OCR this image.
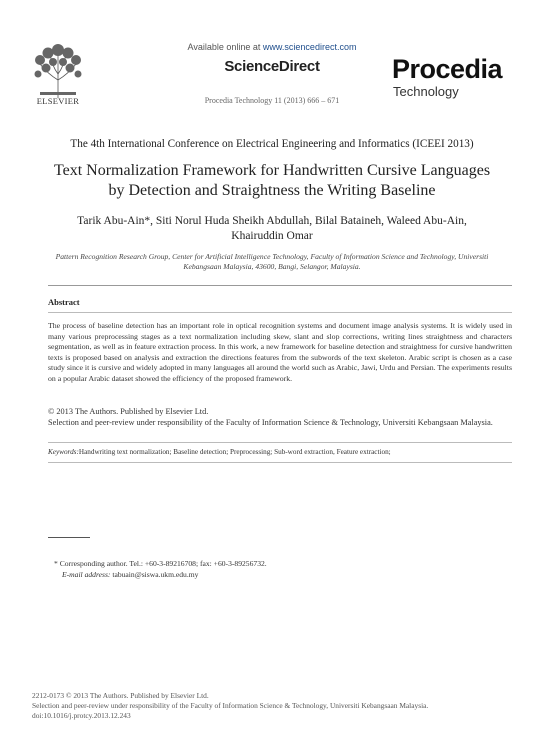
Available online at www.sciencedirect.com
ScienceDirect
Procedia Technology 11 (2013) 666 – 671
ELSEVIER
Procedia
Technology
The 4th International Conference on Electrical Engineering and Informatics (ICEEI 2013)
Text Normalization Framework for Handwritten Cursive Languages
by Detection and Straightness the Writing Baseline
Tarik Abu-Ain*, Siti Norul Huda Sheikh Abdullah, Bilal Bataineh, Waleed Abu-Ain,
Khairuddin Omar
Pattern Recognition Research Group, Center for Artificial Intelligence Technology, Faculty of Information Science and Technology, Universiti
Kebangsaan Malaysia, 43600, Bangi, Selangor, Malaysia.
Abstract
The process of baseline detection has an important role in optical recognition systems and document image analysis systems. It is widely used in many various preprocessing stages as a text normalization including skew, slant and slop corrections, writing lines straightness and characters segmentation, as well as in feature extraction process. In this work, a new framework for baseline detection and straightness for cursive handwritten texts is proposed based on analysis and extraction the directions features from the subwords of the text skeleton. Arabic script is chosen as a case study since it is cursive and widely adopted in many languages all around the world such as Arabic, Jawi, Urdu and Persian. The experiments results on a popular Arabic dataset showed the efficiency of the proposed framework.
© 2013 The Authors. Published by Elsevier Ltd.
Selection and peer-review under responsibility of the Faculty of Information Science & Technology, Universiti Kebangsaan Malaysia.
Keywords:Handwriting text normalization; Baseline detection; Preprocessing; Sub-word extraction, Feature extraction;
* Corresponding author. Tel.: +60-3-89216708; fax: +60-3-89256732.
E-mail address: tabuain@siswa.ukm.edu.my
2212-0173 © 2013 The Authors. Published by Elsevier Ltd.
Selection and peer-review under responsibility of the Faculty of Information Science & Technology, Universiti Kebangsaan Malaysia.
doi:10.1016/j.protcy.2013.12.243
